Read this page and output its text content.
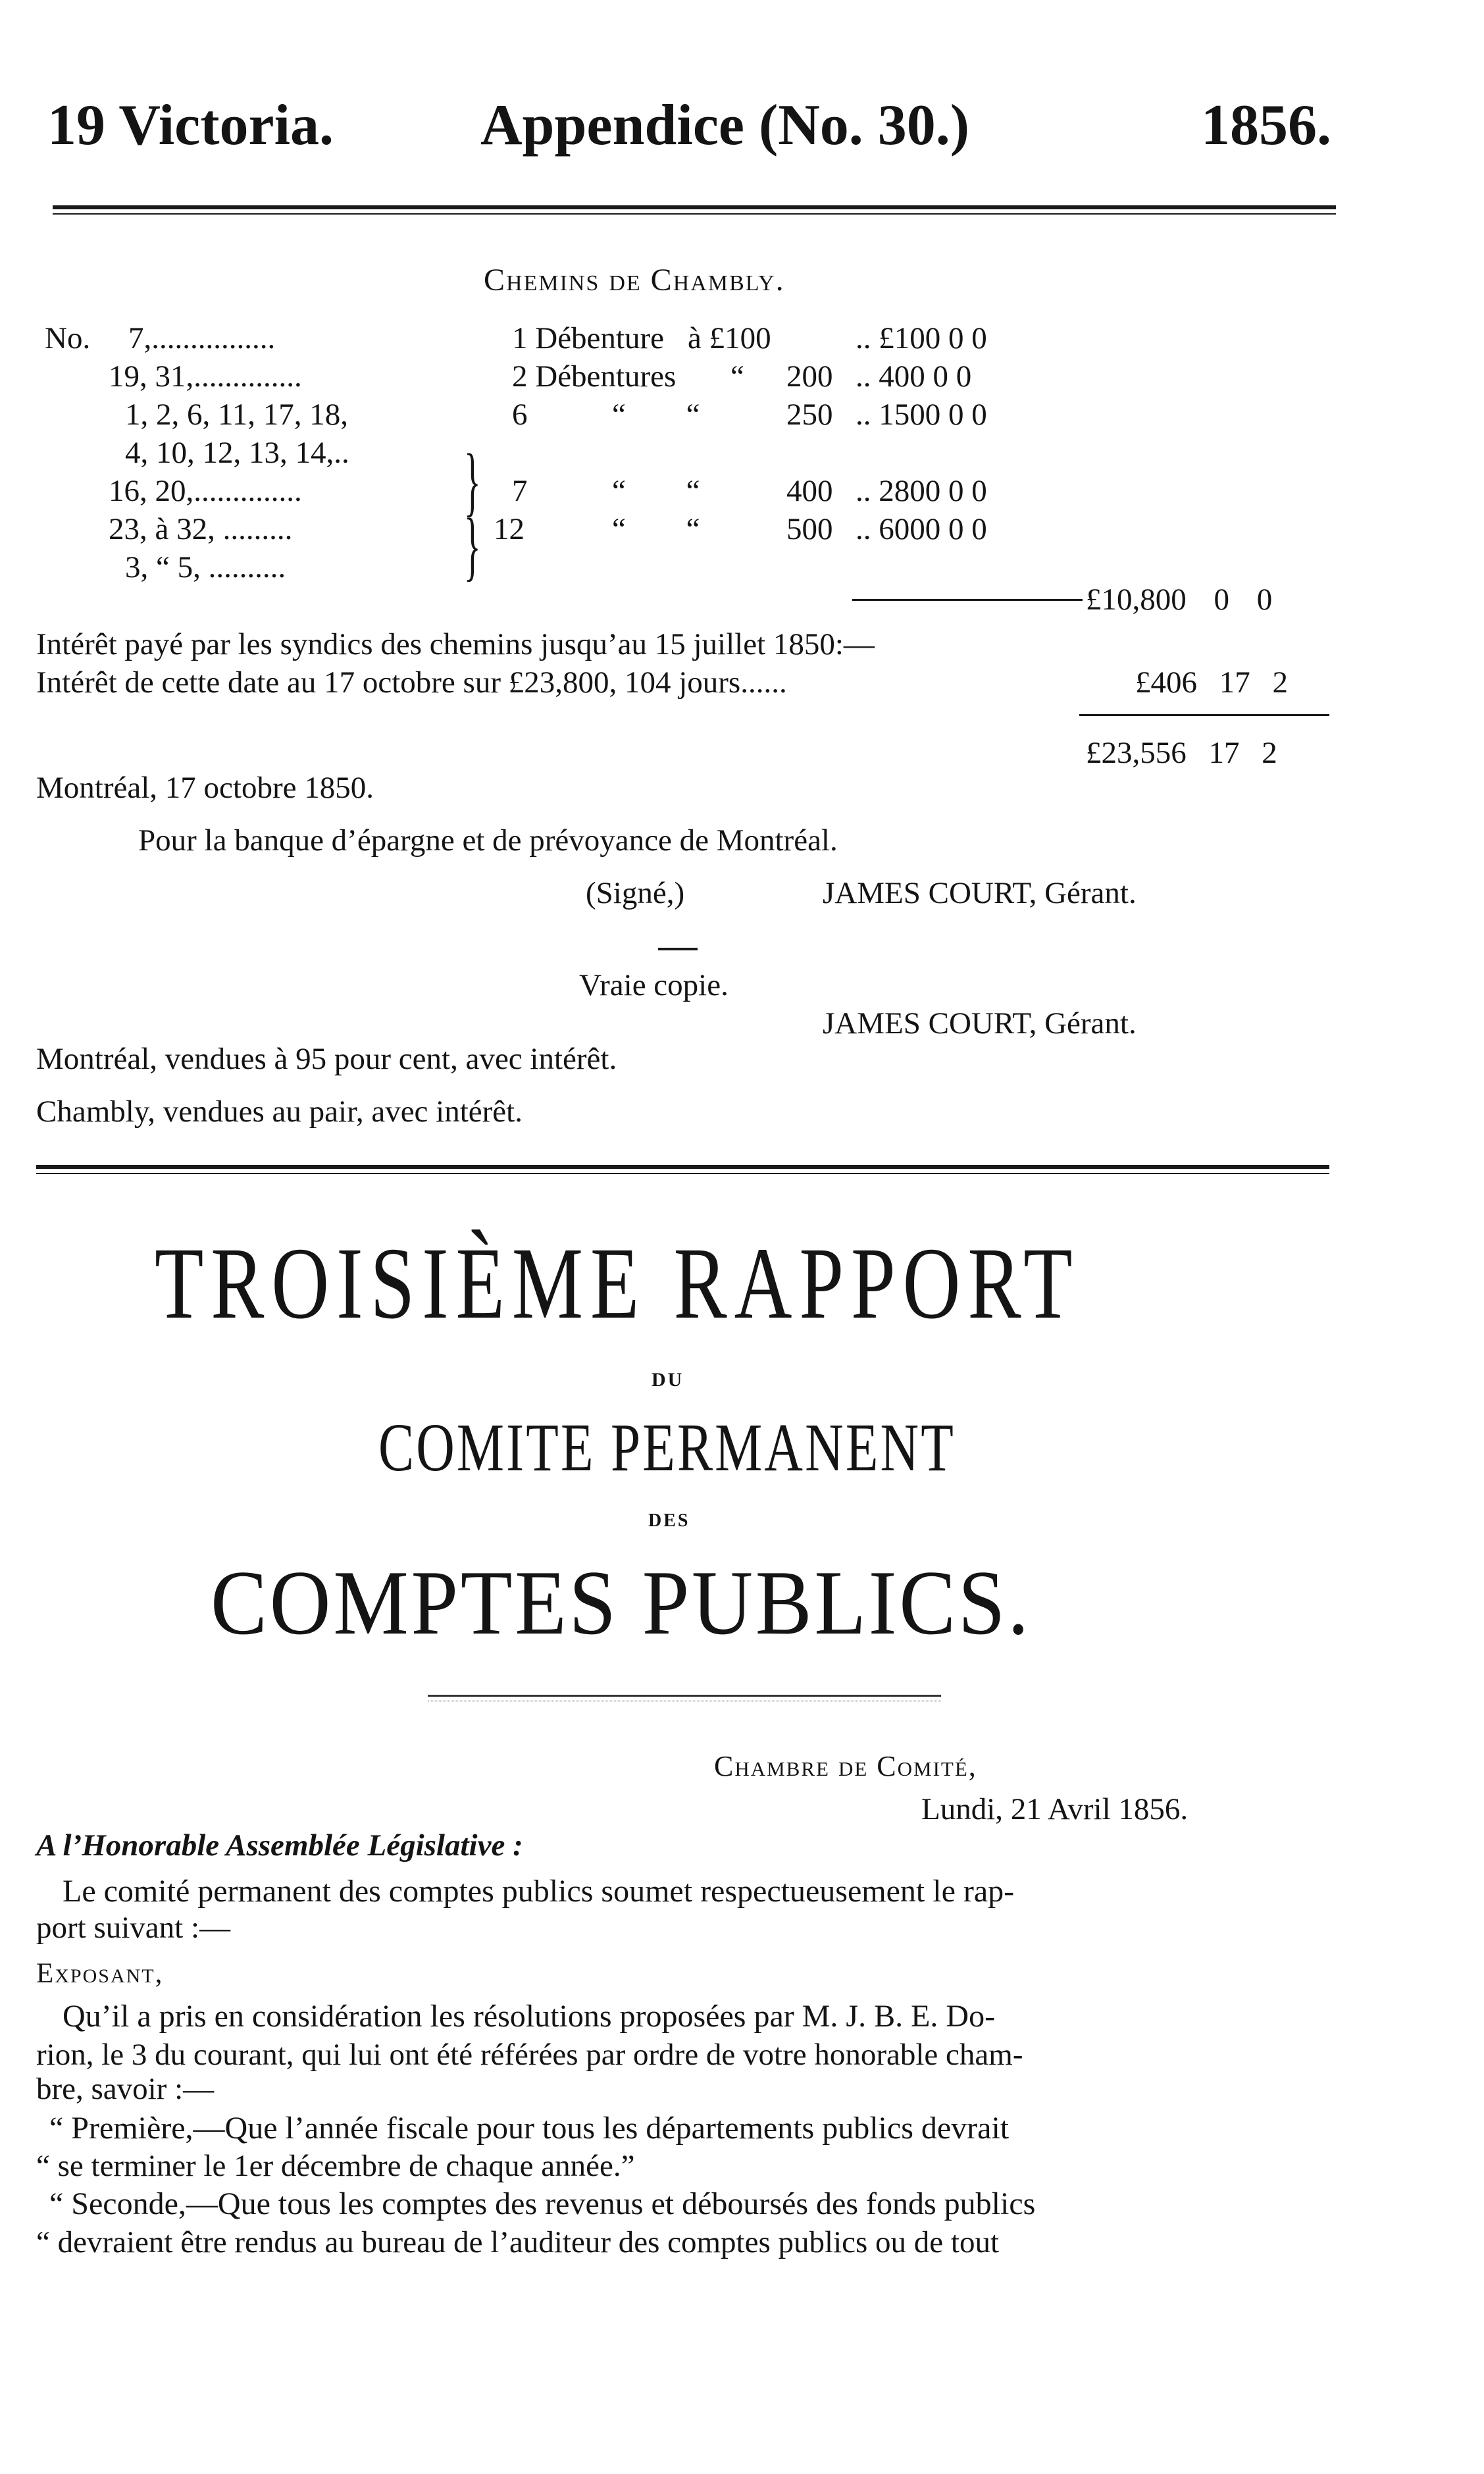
19 Victoria.	Appendice (No. 30.)	1856.
Chemins de Chambly.
No. 7,................	1 Débenture à £100	.. £100 0 0
19, 31,..............	2 Débentures “ 200 .. 400 0 0
1, 2, 6, 11, 17, 18,	6	“ “	250 .. 1500 0 0
4, 10, 12, 13, 14,..
16, 20,..............	7	“ “	400 .. 2800 0 0
23, à 32, .........	12	“ “	500 .. 6000 0 0
3, “ 5, ..........
}
}
£10,800 0 0
Intérêt payé par les syndics des chemins jusqu’au 15 juillet 1850:—
Intérêt de cette date au 17 octobre sur £23,800, 104 jours......	£406 17 2
£23,556 17 2
Montréal, 17 octobre 1850.
Pour la banque d’épargne et de prévoyance de Montréal.
(Signé,)	JAMES COURT, Gérant.
Vraie copie.
JAMES COURT, Gérant.
Montréal, vendues à 95 pour cent, avec intérêt.
Chambly, vendues au pair, avec intérêt.
TROISIÈME RAPPORT
DU
COMITE PERMANENT
DES
COMPTES PUBLICS.
Chambre de Comité,
Lundi, 21 Avril 1856.
A l’Honorable Assemblée Législative :
Le comité permanent des comptes publics soumet respectueusement le rap-
port suivant :—
Exposant,
Qu’il a pris en considération les résolutions proposées par M. J. B. E. Do-
rion, le 3 du courant, qui lui ont été référées par ordre de votre honorable cham-
bre, savoir :—
“ Première,—Que l’année fiscale pour tous les départements publics devrait
“ se terminer le 1er décembre de chaque année.”
“ Seconde,—Que tous les comptes des revenus et déboursés des fonds publics
“ devraient être rendus au bureau de l’auditeur des comptes publics ou de tout
